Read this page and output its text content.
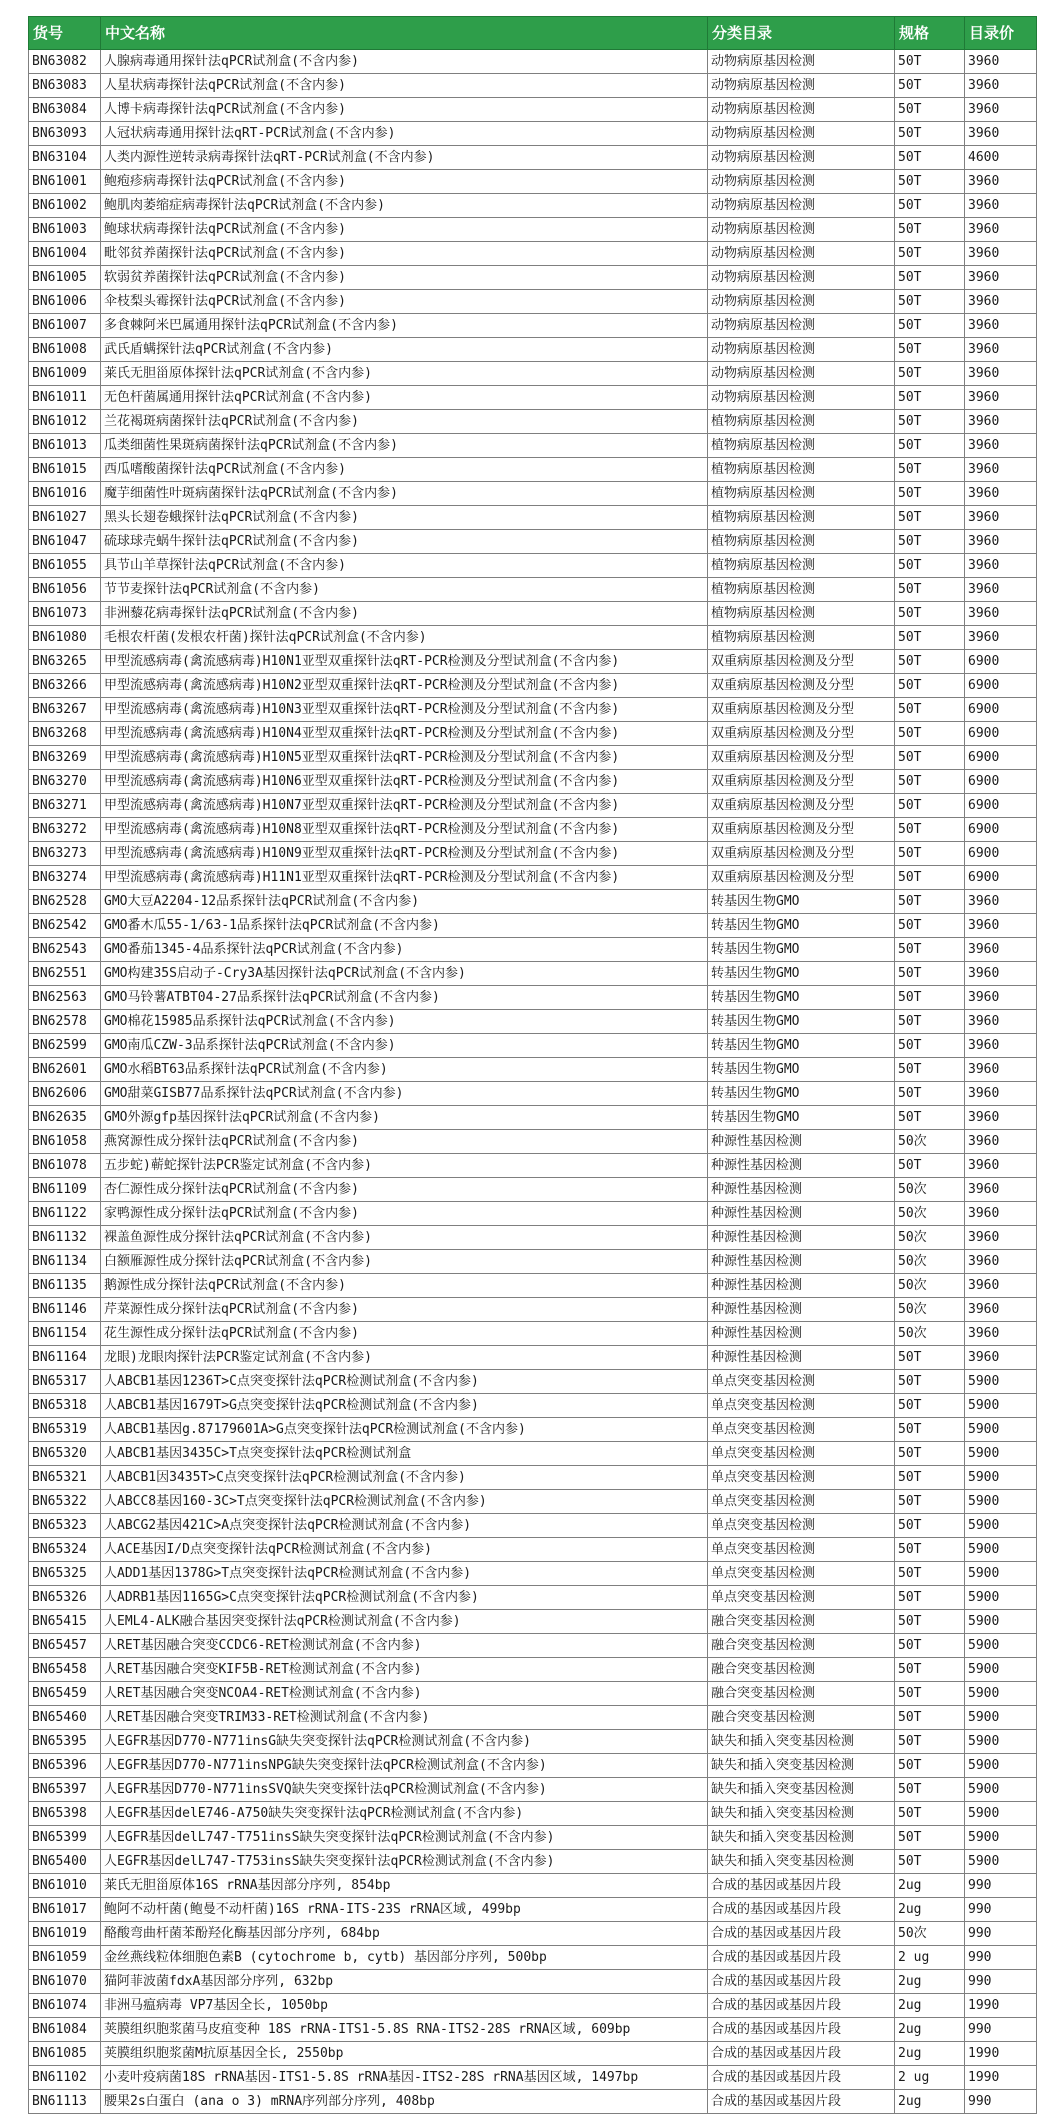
货号	中文名称	分类目录	规格	目录价
BN63082	人腺病毒通用探针法qPCR试剂盒(不含内参)	动物病原基因检测	50T	3960
BN63083	人星状病毒探针法qPCR试剂盒(不含内参)	动物病原基因检测	50T	3960
BN63084	人博卡病毒探针法qPCR试剂盒(不含内参)	动物病原基因检测	50T	3960
BN63093	人冠状病毒通用探针法qRT-PCR试剂盒(不含内参)	动物病原基因检测	50T	3960
BN63104	人类内源性逆转录病毒探针法qRT-PCR试剂盒(不含内参)	动物病原基因检测	50T	4600
BN61001	鲍疱疹病毒探针法qPCR试剂盒(不含内参)	动物病原基因检测	50T	3960
BN61002	鲍肌肉萎缩症病毒探针法qPCR试剂盒(不含内参)	动物病原基因检测	50T	3960
BN61003	鲍球状病毒探针法qPCR试剂盒(不含内参)	动物病原基因检测	50T	3960
BN61004	毗邻贫养菌探针法qPCR试剂盒(不含内参)	动物病原基因检测	50T	3960
BN61005	软弱贫养菌探针法qPCR试剂盒(不含内参)	动物病原基因检测	50T	3960
BN61006	伞枝梨头霉探针法qPCR试剂盒(不含内参)	动物病原基因检测	50T	3960
BN61007	多食棘阿米巴属通用探针法qPCR试剂盒(不含内参)	动物病原基因检测	50T	3960
BN61008	武氏盾螨探针法qPCR试剂盒(不含内参)	动物病原基因检测	50T	3960
BN61009	莱氏无胆甾原体探针法qPCR试剂盒(不含内参)	动物病原基因检测	50T	3960
BN61011	无色杆菌属通用探针法qPCR试剂盒(不含内参)	动物病原基因检测	50T	3960
BN61012	兰花褐斑病菌探针法qPCR试剂盒(不含内参)	植物病原基因检测	50T	3960
BN61013	瓜类细菌性果斑病菌探针法qPCR试剂盒(不含内参)	植物病原基因检测	50T	3960
BN61015	西瓜嗜酸菌探针法qPCR试剂盒(不含内参)	植物病原基因检测	50T	3960
BN61016	魔芋细菌性叶斑病菌探针法qPCR试剂盒(不含内参)	植物病原基因检测	50T	3960
BN61027	黑头长翅卷蛾探针法qPCR试剂盒(不含内参)	植物病原基因检测	50T	3960
BN61047	硫球球壳蜗牛探针法qPCR试剂盒(不含内参)	植物病原基因检测	50T	3960
BN61055	具节山羊草探针法qPCR试剂盒(不含内参)	植物病原基因检测	50T	3960
BN61056	节节麦探针法qPCR试剂盒(不含内参)	植物病原基因检测	50T	3960
BN61073	非洲藜花病毒探针法qPCR试剂盒(不含内参)	植物病原基因检测	50T	3960
BN61080	毛根农杆菌(发根农杆菌)探针法qPCR试剂盒(不含内参)	植物病原基因检测	50T	3960
BN63265	甲型流感病毒(禽流感病毒)H10N1亚型双重探针法qRT-PCR检测及分型试剂盒(不含内参)	双重病原基因检测及分型	50T	6900
BN63266	甲型流感病毒(禽流感病毒)H10N2亚型双重探针法qRT-PCR检测及分型试剂盒(不含内参)	双重病原基因检测及分型	50T	6900
BN63267	甲型流感病毒(禽流感病毒)H10N3亚型双重探针法qRT-PCR检测及分型试剂盒(不含内参)	双重病原基因检测及分型	50T	6900
BN63268	甲型流感病毒(禽流感病毒)H10N4亚型双重探针法qRT-PCR检测及分型试剂盒(不含内参)	双重病原基因检测及分型	50T	6900
BN63269	甲型流感病毒(禽流感病毒)H10N5亚型双重探针法qRT-PCR检测及分型试剂盒(不含内参)	双重病原基因检测及分型	50T	6900
BN63270	甲型流感病毒(禽流感病毒)H10N6亚型双重探针法qRT-PCR检测及分型试剂盒(不含内参)	双重病原基因检测及分型	50T	6900
BN63271	甲型流感病毒(禽流感病毒)H10N7亚型双重探针法qRT-PCR检测及分型试剂盒(不含内参)	双重病原基因检测及分型	50T	6900
BN63272	甲型流感病毒(禽流感病毒)H10N8亚型双重探针法qRT-PCR检测及分型试剂盒(不含内参)	双重病原基因检测及分型	50T	6900
BN63273	甲型流感病毒(禽流感病毒)H10N9亚型双重探针法qRT-PCR检测及分型试剂盒(不含内参)	双重病原基因检测及分型	50T	6900
BN63274	甲型流感病毒(禽流感病毒)H11N1亚型双重探针法qRT-PCR检测及分型试剂盒(不含内参)	双重病原基因检测及分型	50T	6900
BN62528	GMO大豆A2204-12品系探针法qPCR试剂盒(不含内参)	转基因生物GMO	50T	3960
BN62542	GMO番木瓜55-1/63-1品系探针法qPCR试剂盒(不含内参)	转基因生物GMO	50T	3960
BN62543	GMO番茄1345-4品系探针法qPCR试剂盒(不含内参)	转基因生物GMO	50T	3960
BN62551	GMO构建35S启动子-Cry3A基因探针法qPCR试剂盒(不含内参)	转基因生物GMO	50T	3960
BN62563	GMO马铃薯ATBT04-27品系探针法qPCR试剂盒(不含内参)	转基因生物GMO	50T	3960
BN62578	GMO棉花15985品系探针法qPCR试剂盒(不含内参)	转基因生物GMO	50T	3960
BN62599	GMO南瓜CZW-3品系探针法qPCR试剂盒(不含内参)	转基因生物GMO	50T	3960
BN62601	GMO水稻BT63品系探针法qPCR试剂盒(不含内参)	转基因生物GMO	50T	3960
BN62606	GMO甜菜GISB77品系探针法qPCR试剂盒(不含内参)	转基因生物GMO	50T	3960
BN62635	GMO外源gfp基因探针法qPCR试剂盒(不含内参)	转基因生物GMO	50T	3960
BN61058	燕窝源性成分探针法qPCR试剂盒(不含内参)	种源性基因检测	50次	3960
BN61078	五步蛇)蕲蛇探针法PCR鉴定试剂盒(不含内参)	种源性基因检测	50T	3960
BN61109	杏仁源性成分探针法qPCR试剂盒(不含内参)	种源性基因检测	50次	3960
BN61122	家鸭源性成分探针法qPCR试剂盒(不含内参)	种源性基因检测	50次	3960
BN61132	裸盖鱼源性成分探针法qPCR试剂盒(不含内参)	种源性基因检测	50次	3960
BN61134	白额雁源性成分探针法qPCR试剂盒(不含内参)	种源性基因检测	50次	3960
BN61135	鹅源性成分探针法qPCR试剂盒(不含内参)	种源性基因检测	50次	3960
BN61146	芹菜源性成分探针法qPCR试剂盒(不含内参)	种源性基因检测	50次	3960
BN61154	花生源性成分探针法qPCR试剂盒(不含内参)	种源性基因检测	50次	3960
BN61164	龙眼)龙眼肉探针法PCR鉴定试剂盒(不含内参)	种源性基因检测	50T	3960
BN65317	人ABCB1基因1236T>C点突变探针法qPCR检测试剂盒(不含内参)	单点突变基因检测	50T	5900
BN65318	人ABCB1基因1679T>G点突变探针法qPCR检测试剂盒(不含内参)	单点突变基因检测	50T	5900
BN65319	人ABCB1基因g.87179601A>G点突变探针法qPCR检测试剂盒(不含内参)	单点突变基因检测	50T	5900
BN65320	人ABCB1基因3435C>T点突变探针法qPCR检测试剂盒	单点突变基因检测	50T	5900
BN65321	人ABCB1因3435T>C点突变探针法qPCR检测试剂盒(不含内参)	单点突变基因检测	50T	5900
BN65322	人ABCC8基因160-3C>T点突变探针法qPCR检测试剂盒(不含内参)	单点突变基因检测	50T	5900
BN65323	人ABCG2基因421C>A点突变探针法qPCR检测试剂盒(不含内参)	单点突变基因检测	50T	5900
BN65324	人ACE基因I/D点突变探针法qPCR检测试剂盒(不含内参)	单点突变基因检测	50T	5900
BN65325	人ADD1基因1378G>T点突变探针法qPCR检测试剂盒(不含内参)	单点突变基因检测	50T	5900
BN65326	人ADRB1基因1165G>C点突变探针法qPCR检测试剂盒(不含内参)	单点突变基因检测	50T	5900
BN65415	人EML4-ALK融合基因突变探针法qPCR检测试剂盒(不含内参)	融合突变基因检测	50T	5900
BN65457	人RET基因融合突变CCDC6-RET检测试剂盒(不含内参)	融合突变基因检测	50T	5900
BN65458	人RET基因融合突变KIF5B-RET检测试剂盒(不含内参)	融合突变基因检测	50T	5900
BN65459	人RET基因融合突变NCOA4-RET检测试剂盒(不含内参)	融合突变基因检测	50T	5900
BN65460	人RET基因融合突变TRIM33-RET检测试剂盒(不含内参)	融合突变基因检测	50T	5900
BN65395	人EGFR基因D770-N771insG缺失突变探针法qPCR检测试剂盒(不含内参)	缺失和插入突变基因检测	50T	5900
BN65396	人EGFR基因D770-N771insNPG缺失突变探针法qPCR检测试剂盒(不含内参)	缺失和插入突变基因检测	50T	5900
BN65397	人EGFR基因D770-N771insSVQ缺失突变探针法qPCR检测试剂盒(不含内参)	缺失和插入突变基因检测	50T	5900
BN65398	人EGFR基因delE746-A750缺失突变探针法qPCR检测试剂盒(不含内参)	缺失和插入突变基因检测	50T	5900
BN65399	人EGFR基因delL747-T751insS缺失突变探针法qPCR检测试剂盒(不含内参)	缺失和插入突变基因检测	50T	5900
BN65400	人EGFR基因delL747-T753insS缺失突变探针法qPCR检测试剂盒(不含内参)	缺失和插入突变基因检测	50T	5900
BN61010	莱氏无胆甾原体16S rRNA基因部分序列, 854bp	合成的基因或基因片段	2ug	990
BN61017	鲍阿不动杆菌(鲍曼不动杆菌)16S rRNA-ITS-23S rRNA区域, 499bp	合成的基因或基因片段	2ug	990
BN61019	酪酸弯曲杆菌苯酚羟化酶基因部分序列, 684bp	合成的基因或基因片段	50次	990
BN61059	金丝燕线粒体细胞色素B (cytochrome b, cytb) 基因部分序列, 500bp	合成的基因或基因片段	2 ug	990
BN61070	猫阿菲波菌fdxA基因部分序列, 632bp	合成的基因或基因片段	2ug	990
BN61074	非洲马瘟病毒 VP7基因全长, 1050bp	合成的基因或基因片段	2ug	1990
BN61084	荚膜组织胞浆菌马皮疽变种 18S rRNA-ITS1-5.8S RNA-ITS2-28S rRNA区域, 609bp	合成的基因或基因片段	2ug	990
BN61085	荚膜组织胞浆菌M抗原基因全长, 2550bp	合成的基因或基因片段	2ug	1990
BN61102	小麦叶疫病菌18S rRNA基因-ITS1-5.8S rRNA基因-ITS2-28S rRNA基因区域, 1497bp	合成的基因或基因片段	2 ug	1990
BN61113	腰果2s白蛋白 (ana o 3) mRNA序列部分序列, 408bp	合成的基因或基因片段	2ug	990
